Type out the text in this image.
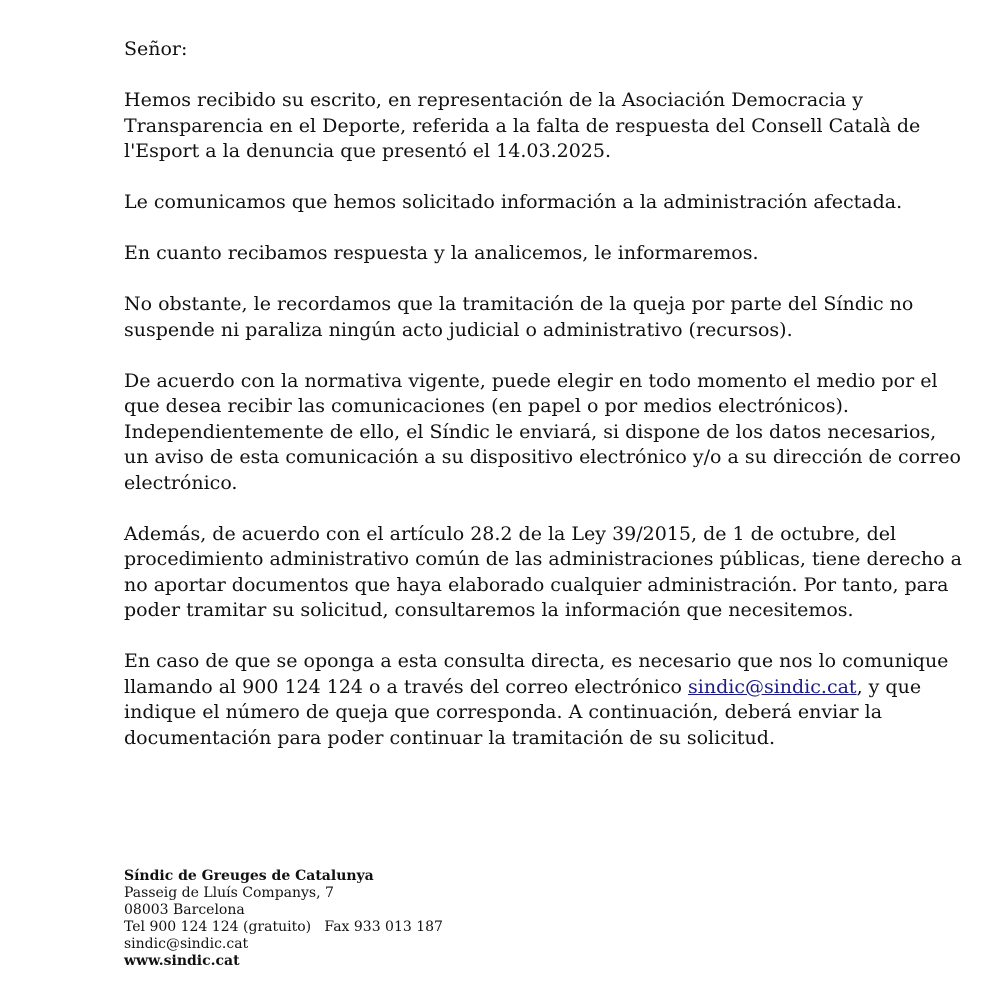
Señor:

Hemos recibido su escrito, en representación de la Asociación Democracia y Transparencia en el Deporte, referida a la falta de respuesta del Consell Català de l'Esport a la denuncia que presentó el 14.03.2025.

Le comunicamos que hemos solicitado información a la administración afectada.

En cuanto recibamos respuesta y la analicemos, le informaremos.

No obstante, le recordamos que la tramitación de la queja por parte del Síndic no suspende ni paraliza ningún acto judicial o administrativo (recursos).

De acuerdo con la normativa vigente, puede elegir en todo momento el medio por el que desea recibir las comunicaciones (en papel o por medios electrónicos). Independientemente de ello, el Síndic le enviará, si dispone de los datos necesarios, un aviso de esta comunicación a su dispositivo electrónico y/o a su dirección de correo electrónico.

Además, de acuerdo con el artículo 28.2 de la Ley 39/2015, de 1 de octubre, del procedimiento administrativo común de las administraciones públicas, tiene derecho a no aportar documentos que haya elaborado cualquier administración. Por tanto, para poder tramitar su solicitud, consultaremos la información que necesitemos.

En caso de que se oponga a esta consulta directa, es necesario que nos lo comunique llamando al 900 124 124 o a través del correo electrónico sindic@sindic.cat, y que indique el número de queja que corresponda. A continuación, deberá enviar la documentación para poder continuar la tramitación de su solicitud.

Síndic de Greuges de Catalunya
Passeig de Lluís Companys, 7
08003 Barcelona
Tel 900 124 124 (gratuito)   Fax 933 013 187
sindic@sindic.cat
www.sindic.cat
